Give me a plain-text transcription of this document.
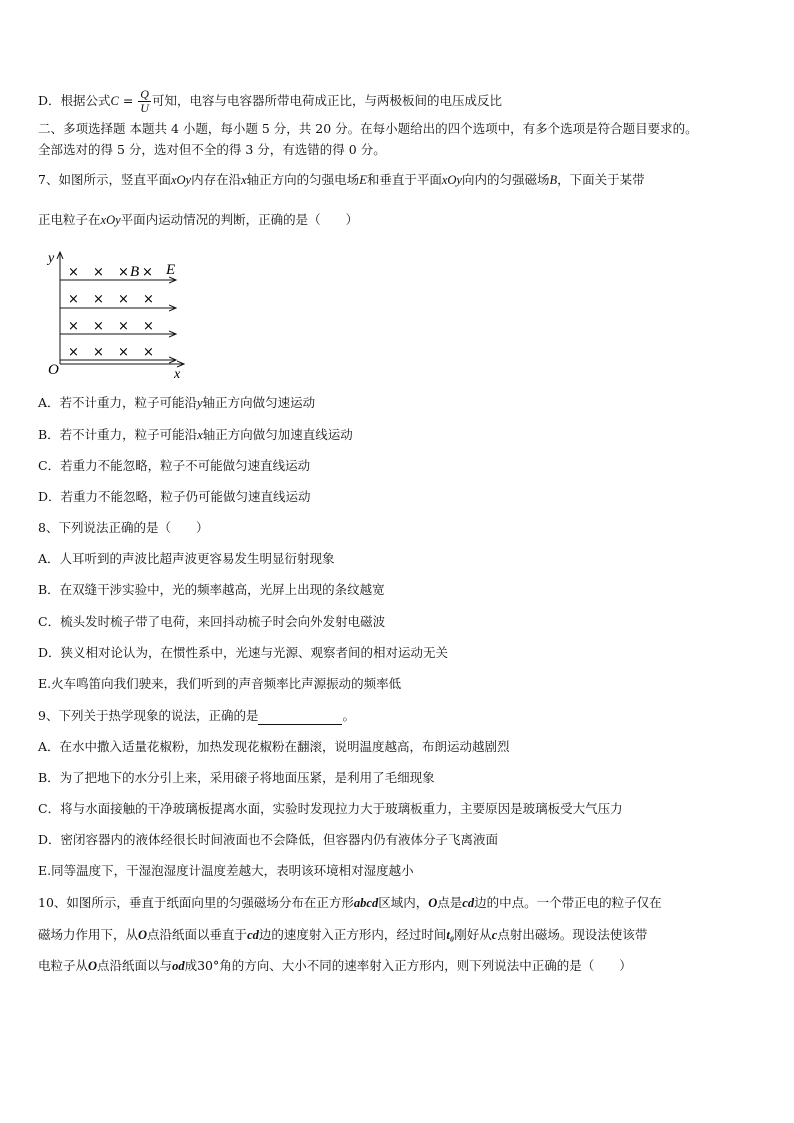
D．根据公式$C = \frac{Q}{U}$ 可知，电容与电容器所带电荷成正比，与两极板间的电压成反比
二、多项选择题 本题共 4 小题，每小题 5 分，共 20 分。在每小题给出的四个选项中，有多个选项是符合题目要求的。
全部选对的得 5 分，选对但不全的得 3 分，有选错的得 0 分。
7、如图所示，竖直平面xOy内存在沿x轴正方向的匀强电场E和垂直于平面xOy向内的匀强磁场B，下面关于某带
正电粒子在xOy平面内运动情况的判断，正确的是（　　）
y
x
O
E
× × × B ×
× × × ×
× × × ×
× × × ×
A．若不计重力，粒子可能沿y轴正方向做匀速运动
B．若不计重力，粒子可能沿x轴正方向做匀加速直线运动
C．若重力不能忽略，粒子不可能做匀速直线运动
D．若重力不能忽略，粒子仍可能做匀速直线运动
8、下列说法正确的是（　　）
A．人耳听到的声波比超声波更容易发生明显衍射现象
B．在双缝干涉实验中，光的频率越高，光屏上出现的条纹越宽
C．梳头发时梳子带了电荷，来回抖动梳子时会向外发射电磁波
D．狭义相对论认为，在惯性系中，光速与光源、观察者间的相对运动无关
E.火车鸣笛向我们驶来，我们听到的声音频率比声源振动的频率低
9、下列关于热学现象的说法，正确的是	。
A．在水中撒入适量花椒粉，加热发现花椒粉在翻滚，说明温度越高，布朗运动越剧烈
B．为了把地下的水分引上来，采用磙子将地面压紧，是利用了毛细现象
C．将与水面接触的干净玻璃板提离水面，实验时发现拉力大于玻璃板重力，主要原因是玻璃板受大气压力
D．密闭容器内的液体经很长时间液面也不会降低，但容器内仍有液体分子飞离液面
E.同等温度下，干湿泡湿度计温度差越大，表明该环境相对湿度越小
10、如图所示，垂直于纸面向里的匀强磁场分布在正方形abcd区域内，O点是cd边的中点。一个带正电的粒子仅在
磁场力作用下，从O点沿纸面以垂直于cd边的速度射入正方形内，经过时间t₀刚好从c点射出磁场。现设法使该带
电粒子从O点沿纸面以与od成30°角的方向、大小不同的速率射入正方形内，则下列说法中正确的是（　　）
